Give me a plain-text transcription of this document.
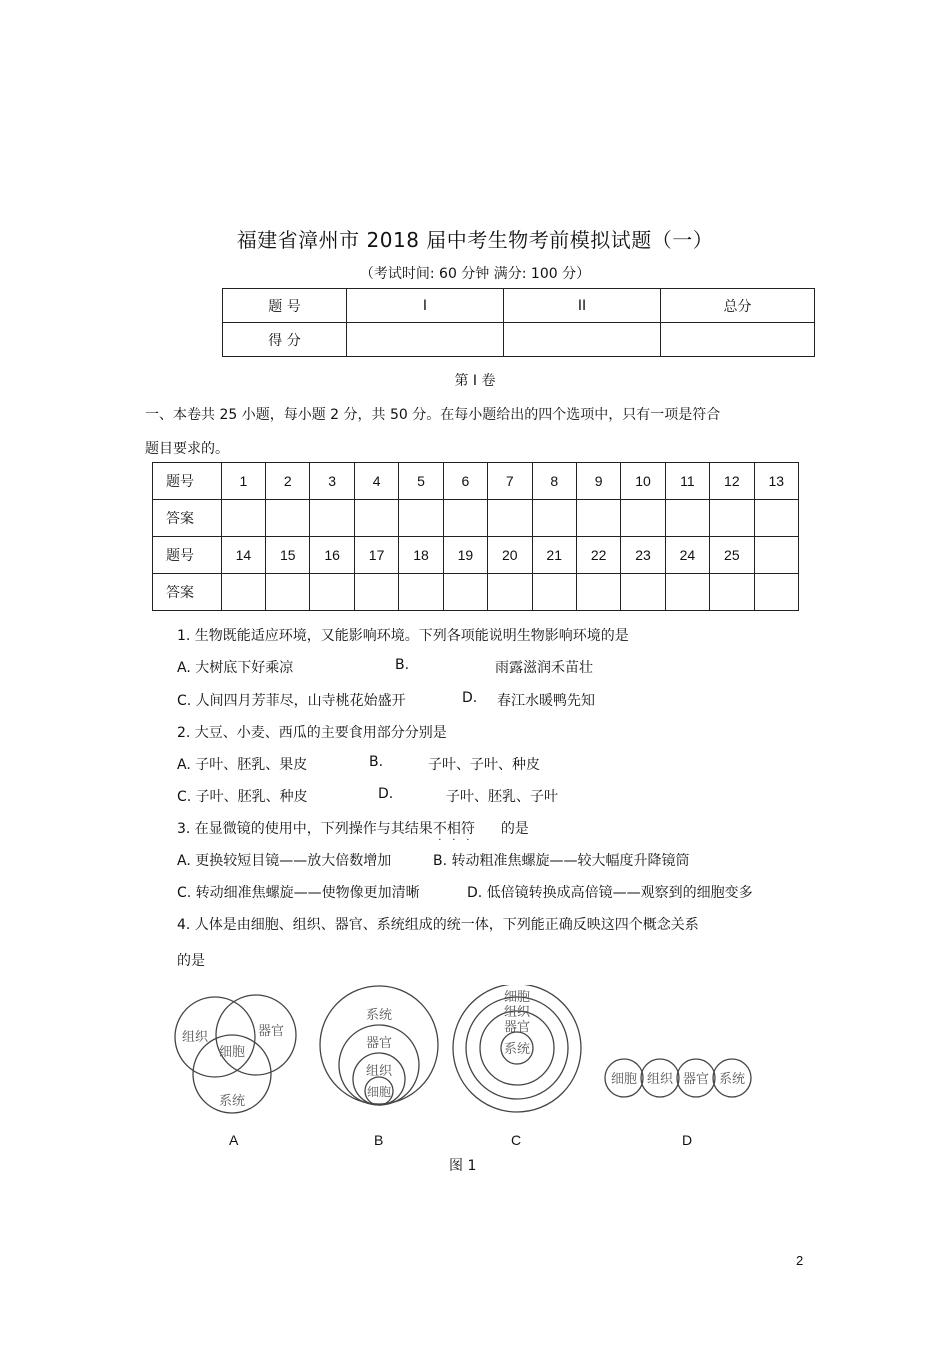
福建省漳州市 2018 届中考生物考前模拟试题（一）
（考试时间: 60 分钟 满分: 100 分）
题 号	I	II	总分
得 分			
第 I 卷
一、本卷共 25 小题，每小题 2 分，共 50 分。在每小题给出的四个选项中，只有一项是符合
题目要求的。
题号	1	2	3	4	5	6	7	8	9	10	11	12	13
答案													
题号	14	15	16	17	18	19	20	21	22	23	24	25	
答案													
1. 生物既能适应环境，又能影响环境。下列各项能说明生物影响环境的是
A. 大树底下好乘凉	B.	雨露滋润禾苗壮
C. 人间四月芳菲尽，山寺桃花始盛开	D. 春江水暖鸭先知
2. 大豆、小麦、西瓜的主要食用部分分别是
A. 子叶、胚乳、果皮	B.	子叶、子叶、种皮
C. 子叶、胚乳、种皮	D.	子叶、胚乳、子叶
3. 在显微镜的使用中，下列操作与其结果不
·
相
·
符
·
的是
A. 更换较短目镜——放大倍数增加	B. 转动粗准焦螺旋——较大幅度升降镜筒
C. 转动细准焦螺旋——使物像更加清晰	D. 低倍镜转换成高倍镜——观察到的细胞变多
4. 人体是由细胞、组织、器官、系统组成的统一体，下列能正确反映这四个概念关系
的是
组织	器官
细胞
系统
系统
器官
组织
细胞
细胞
组织
器官
系统
细胞 组织 器官 系统
A	B	C	D
图 1
2
